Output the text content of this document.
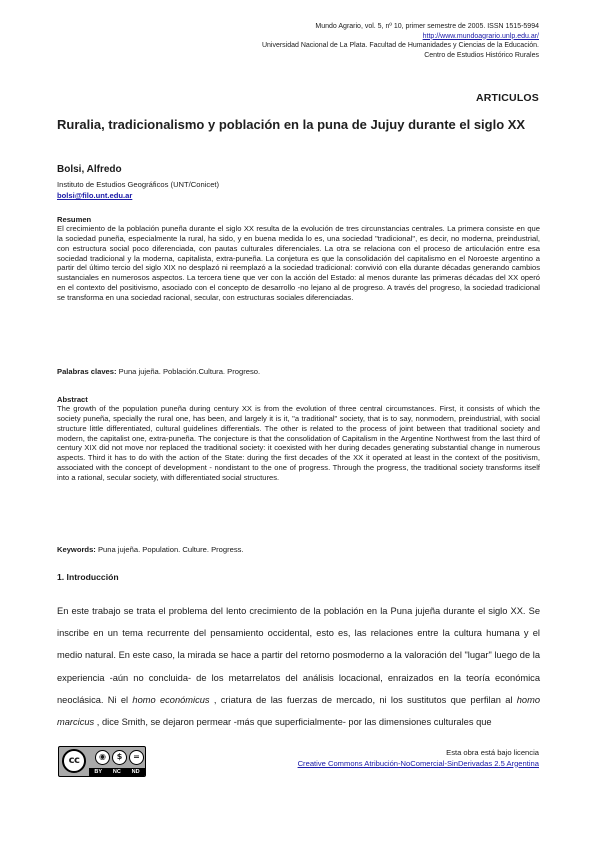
Mundo Agrario, vol. 5, nº 10, primer semestre de 2005. ISSN 1515-5994
http://www.mundoagrario.unlp.edu.ar/
Universidad Nacional de La Plata. Facultad de Humanidades y Ciencias de la Educación.
Centro de Estudios Histórico Rurales
ARTICULOS
Ruralia, tradicionalismo y población en la puna de Jujuy durante el siglo XX
Bolsi, Alfredo
Instituto de Estudios Geográficos (UNT/Conicet)
bolsi@filo.unt.edu.ar
Resumen
El crecimiento de la población puneña durante el siglo XX resulta de la evolución de tres circunstancias centrales. La primera consiste en que la sociedad puneña, especialmente la rural, ha sido, y en buena medida lo es, una sociedad "tradicional", es decir, no moderna, preindustrial, con estructura social poco diferenciada, con pautas culturales diferenciales. La otra se relaciona con el proceso de articulación entre esa sociedad tradicional y la moderna, capitalista, extra-puneña. La conjetura es que la consolidación del capitalismo en el Noroeste argentino a partir del último tercio del siglo XIX no desplazó ni reemplazó a la sociedad tradicional: convivió con ella durante décadas generando cambios sustanciales en numerosos aspectos. La tercera tiene que ver con la acción del Estado: al menos durante las primeras décadas del XX operó en el contexto del positivismo, asociado con el concepto de desarrollo -no lejano al de progreso. A través del progreso, la sociedad tradicional se transforma en una sociedad racional, secular, con estructuras sociales diferenciadas.
Palabras claves: Puna jujeña. Población.Cultura. Progreso.
Abstract
The growth of the population puneña during century XX is from the evolution of three central circumstances. First, it consists of which the society puneña, specially the rural one, has been, and largely it is it, "a traditional" society, that is to say, nonmodern, preindustrial, with social structure little differentiated, cultural guidelines differentials. The other is related to the process of joint between that traditional society and modern, the capitalist one, extra-puneña. The conjecture is that the consolidation of Capitalism in the Argentine Northwest from the last third of century XIX did not move nor replaced the traditional society: it coexisted with her during decades generating substantial change in numerous aspects. Third it has to do with the action of the State: during the first decades of the XX it operated at least in the context of the positivism, associated with the concept of development - nondistant to the one of progress. Through the progress, the traditional society transforms itself into a rational, secular society, with differentiated social structures.
Keywords: Puna jujeña. Population. Culture. Progress.
1. Introducción
En este trabajo se trata el problema del lento crecimiento de la población en la Puna jujeña durante el siglo XX. Se inscribe en un tema recurrente del pensamiento occidental, esto es, las relaciones entre la cultura humana y el medio natural. En este caso, la mirada se hace a partir del retorno posmoderno a la valoración del "lugar" luego de la experiencia -aún no concluida- de los metarrelatos del análisis locacional, enraizados en la teoría económica neoclásica. Ni el homo económicus , criatura de las fuerzas de mercado, ni los sustitutos que perfilan al homo marcicus , dice Smith, se dejaron permear -más que superficialmente- por las dimensiones culturales que
cc	◉	$	=
BY NC ND
Esta obra está bajo licencia
Creative Commons Atribución-NoComercial-SinDerivadas 2.5 Argentina
